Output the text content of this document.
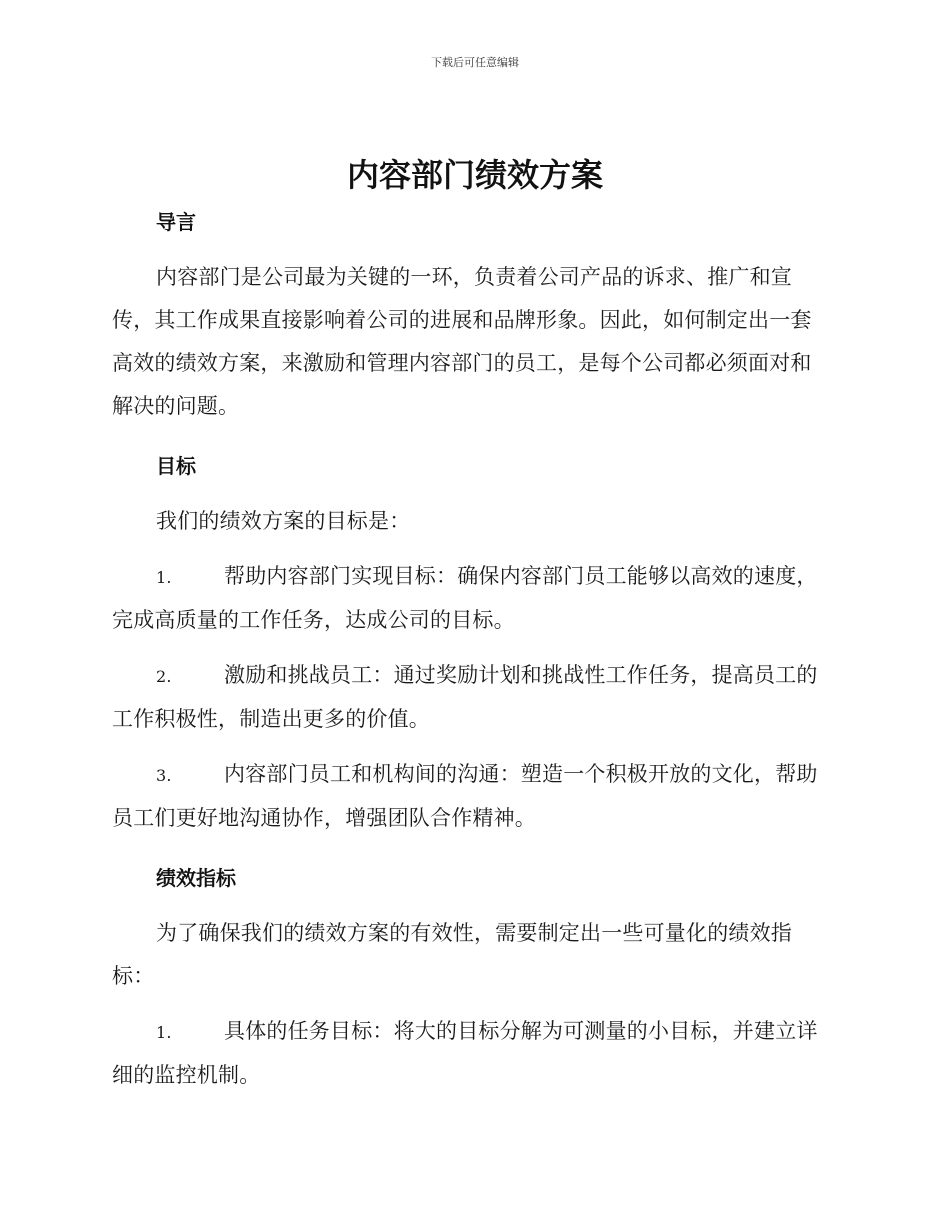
下载后可任意编辑
内容部门绩效方案
导言

内容部门是公司最为关键的一环，负责着公司产品的诉求、推广和宣传，其工作成果直接影响着公司的进展和品牌形象。因此，如何制定出一套高效的绩效方案，来激励和管理内容部门的员工，是每个公司都必须面对和解决的问题。

目标

我们的绩效方案的目标是：

1. 帮助内容部门实现目标：确保内容部门员工能够以高效的速度，完成高质量的工作任务，达成公司的目标。

2. 激励和挑战员工：通过奖励计划和挑战性工作任务，提高员工的工作积极性，制造出更多的价值。

3. 内容部门员工和机构间的沟通：塑造一个积极开放的文化，帮助员工们更好地沟通协作，增强团队合作精神。

绩效指标

为了确保我们的绩效方案的有效性，需要制定出一些可量化的绩效指标：

1. 具体的任务目标：将大的目标分解为可测量的小目标，并建立详细的监控机制。
